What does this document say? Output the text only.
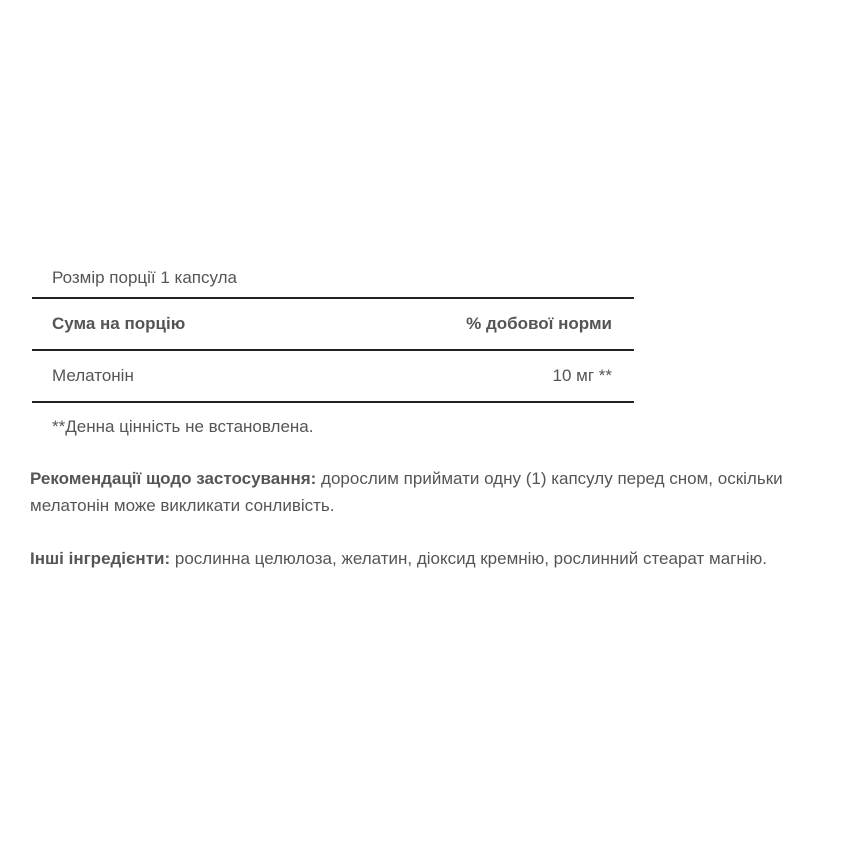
Розмір порції 1 капсула
Сума на порцію	% добової норми
Мелатонін	10 мг **
**Денна цінність не встановлена.
Рекомендації щодо застосування: дорослим приймати одну (1) капсулу перед сном, оскільки мелатонін може викликати сонливість.
Інші інгредієнти: рослинна целюлоза, желатин, діоксид кремнію, рослинний стеарат магнію.
